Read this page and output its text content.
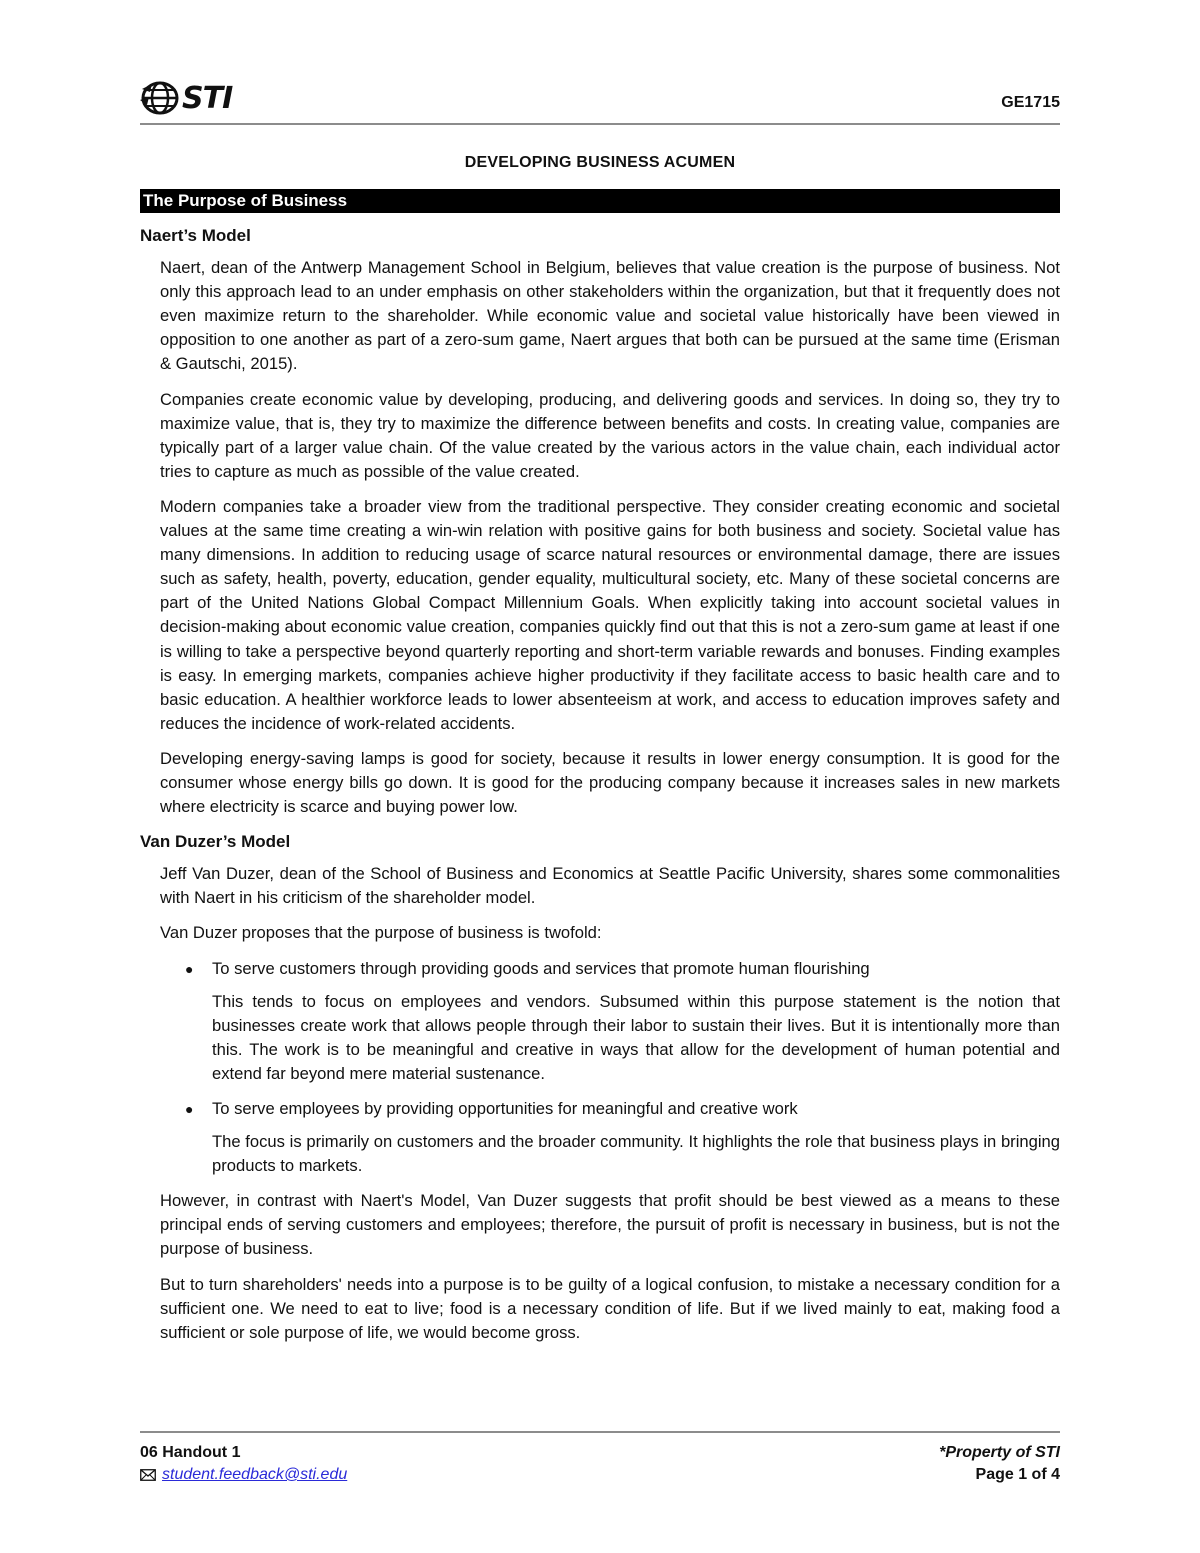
STI	GE1715
DEVELOPING BUSINESS ACUMEN
The Purpose of Business
Naert’s Model

Naert, dean of the Antwerp Management School in Belgium, believes that value creation is the purpose of business. Not only this approach lead to an under emphasis on other stakeholders within the organization, but that it frequently does not even maximize return to the shareholder. While economic value and societal value historically have been viewed in opposition to one another as part of a zero-sum game, Naert argues that both can be pursued at the same time (Erisman & Gautschi, 2015).

Companies create economic value by developing, producing, and delivering goods and services. In doing so, they try to maximize value, that is, they try to maximize the difference between benefits and costs. In creating value, companies are typically part of a larger value chain. Of the value created by the various actors in the value chain, each individual actor tries to capture as much as possible of the value created.

Modern companies take a broader view from the traditional perspective. They consider creating economic and societal values at the same time creating a win-win relation with positive gains for both business and society. Societal value has many dimensions. In addition to reducing usage of scarce natural resources or environmental damage, there are issues such as safety, health, poverty, education, gender equality, multicultural society, etc. Many of these societal concerns are part of the United Nations Global Compact Millennium Goals. When explicitly taking into account societal values in decision-making about economic value creation, companies quickly find out that this is not a zero-sum game at least if one is willing to take a perspective beyond quarterly reporting and short-term variable rewards and bonuses. Finding examples is easy. In emerging markets, companies achieve higher productivity if they facilitate access to basic health care and to basic education. A healthier workforce leads to lower absenteeism at work, and access to education improves safety and reduces the incidence of work-related accidents.

Developing energy-saving lamps is good for society, because it results in lower energy consumption. It is good for the consumer whose energy bills go down. It is good for the producing company because it increases sales in new markets where electricity is scarce and buying power low.

Van Duzer’s Model

Jeff Van Duzer, dean of the School of Business and Economics at Seattle Pacific University, shares some commonalities with Naert in his criticism of the shareholder model.

Van Duzer proposes that the purpose of business is twofold:

● To serve customers through providing goods and services that promote human flourishing

This tends to focus on employees and vendors. Subsumed within this purpose statement is the notion that businesses create work that allows people through their labor to sustain their lives. But it is intentionally more than this. The work is to be meaningful and creative in ways that allow for the development of human potential and extend far beyond mere material sustenance.

● To serve employees by providing opportunities for meaningful and creative work

The focus is primarily on customers and the broader community. It highlights the role that business plays in bringing products to markets.

However, in contrast with Naert's Model, Van Duzer suggests that profit should be best viewed as a means to these principal ends of serving customers and employees; therefore, the pursuit of profit is necessary in business, but is not the purpose of business.

But to turn shareholders' needs into a purpose is to be guilty of a logical confusion, to mistake a necessary condition for a sufficient one. We need to eat to live; food is a necessary condition of life. But if we lived mainly to eat, making food a sufficient or sole purpose of life, we would become gross.

06 Handout 1
student.feedback@sti.edu
*Property of STI
Page 1 of 4
